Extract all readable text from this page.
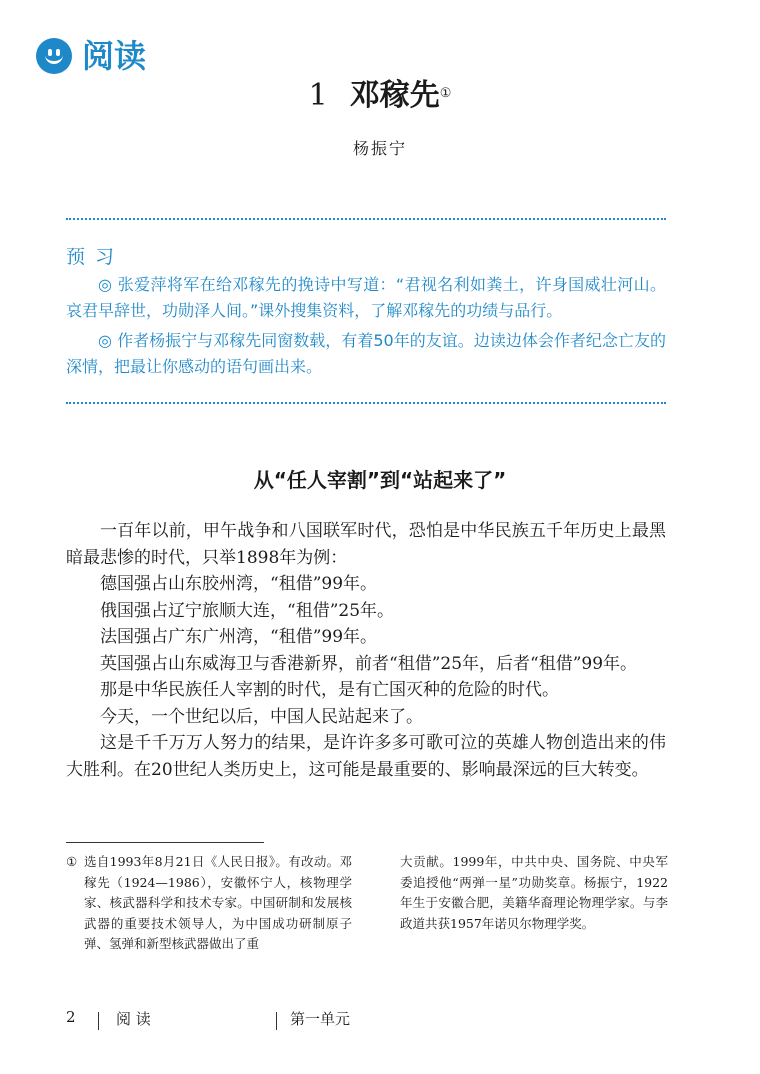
阅读
1 邓稼先①
杨振宁
预习
◎ 张爱萍将军在给邓稼先的挽诗中写道：“君视名利如粪土，许身国威壮河山。哀君早辞世，功勋泽人间。”课外搜集资料，了解邓稼先的功绩与品行。
◎ 作者杨振宁与邓稼先同窗数载，有着50年的友谊。边读边体会作者纪念亡友的深情，把最让你感动的语句画出来。
从“任人宰割”到“站起来了”

一百年以前，甲午战争和八国联军时代，恐怕是中华民族五千年历史上最黑暗最悲惨的时代，只举1898年为例：

德国强占山东胶州湾，“租借”99年。

俄国强占辽宁旅顺大连，“租借”25年。

法国强占广东广州湾，“租借”99年。

英国强占山东威海卫与香港新界，前者“租借”25年，后者“租借”99年。

那是中华民族任人宰割的时代，是有亡国灭种的危险的时代。

今天，一个世纪以后，中国人民站起来了。

这是千千万万人努力的结果，是许许多多可歌可泣的英雄人物创造出来的伟大胜利。在20世纪人类历史上，这可能是最重要的、影响最深远的巨大转变。

① 选自1993年8月21日《人民日报》。有改动。邓稼先（1924—1986），安徽怀宁人，核物理学家、核武器科学和技术专家。中国研制和发展核武器的重要技术领导人，为中国成功研制原子弹、氢弹和新型核武器做出了重
大贡献。1999年，中共中央、国务院、中央军委追授他“两弹一星”功勋奖章。杨振宁，1922年生于安徽合肥，美籍华裔理论物理学家。与李政道共获1957年诺贝尔物理学奖。
2	阅 读	第一单元
